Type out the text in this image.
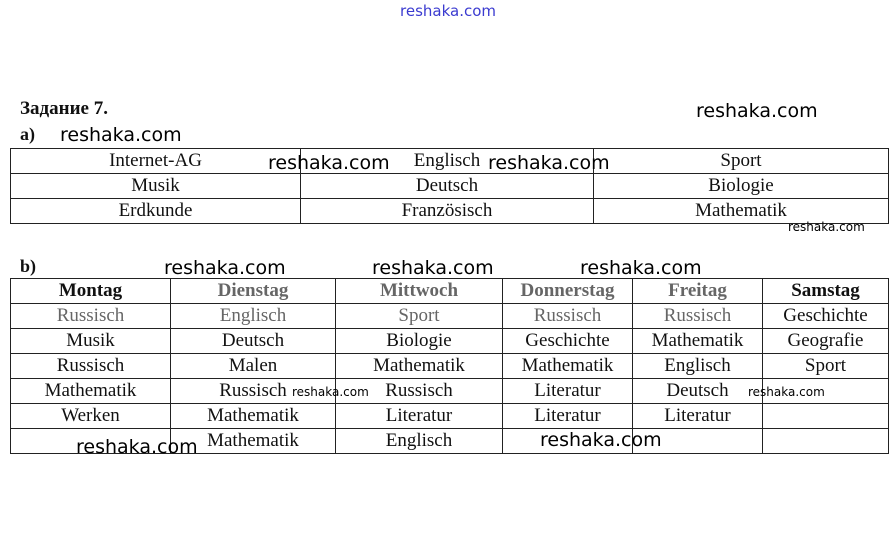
reshaka.com
Задание 7.	reshaka.com
а) reshaka.com
Internet-AG	Englisch	Sport
Musik	Deutsch	Biologie
Erdkunde	Französisch	Mathematik
reshaka.com	reshaka.com
reshaka.com
b)	reshaka.com	reshaka.com	reshaka.com
Montag	Dienstag	Mittwoch	Donnerstag	Freitag	Samstag
Russisch	Englisch	Sport	Russisch	Russisch	Geschichte
Musik	Deutsch	Biologie	Geschichte	Mathematik	Geografie
Russisch	Malen	Mathematik	Mathematik	Englisch	Sport
Mathematik	Russisch	Russisch	Literatur	Deutsch	
Werken	Mathematik	Literatur	Literatur	Literatur	
	Mathematik	Englisch			
reshaka.com	reshaka.com
reshaka.com	reshaka.com
